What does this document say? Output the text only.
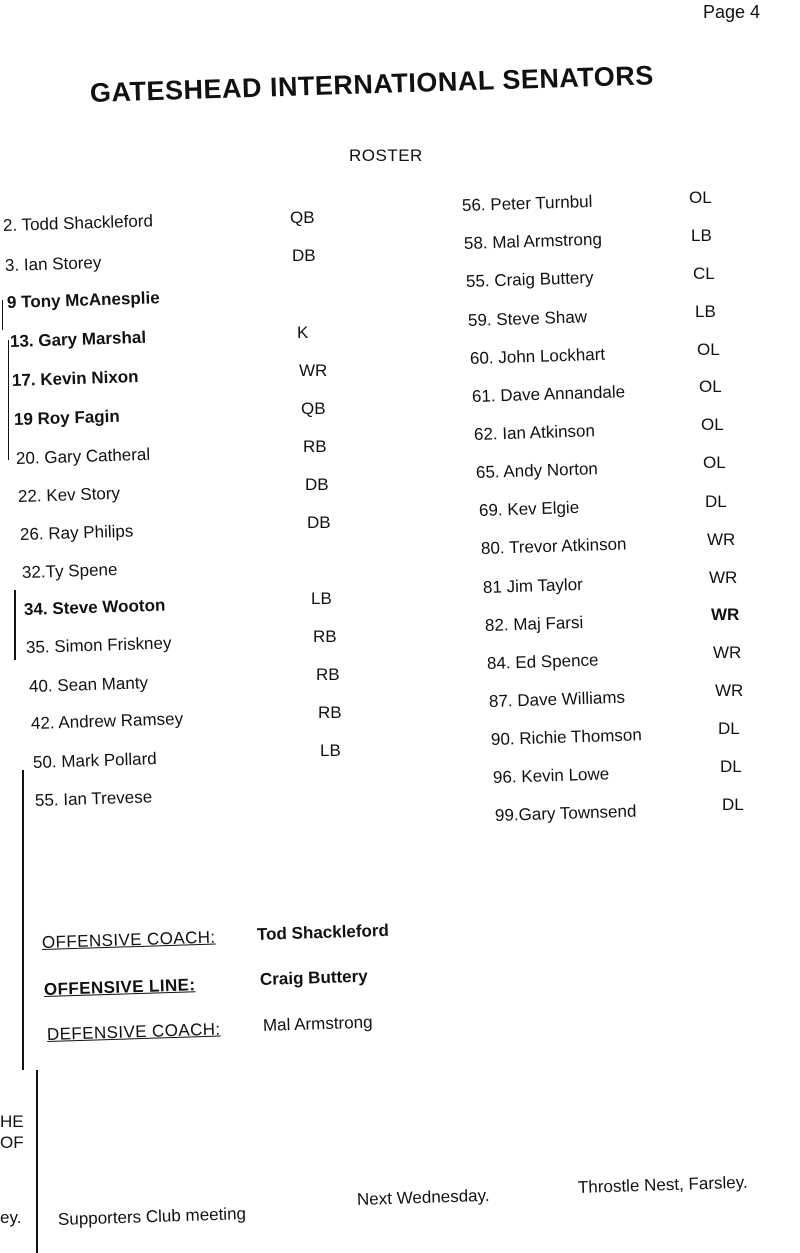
Page 4
GATESHEAD INTERNATIONAL SENATORS
ROSTER
2. Todd Shackleford	QB
3. Ian Storey	DB
9 Tony McAnesplie
13. Gary Marshal	K
17. Kevin Nixon	WR
19 Roy Fagin	QB
20. Gary Catheral	RB
22. Kev Story	DB
26. Ray Philips	DB
32.Ty Spene
34. Steve Wooton	LB
35. Simon Friskney	RB
40. Sean Manty	RB
42. Andrew Ramsey	RB
50. Mark Pollard	LB
55. Ian Trevese
56. Peter Turnbul	OL
58. Mal Armstrong	LB
55. Craig Buttery	CL
59. Steve Shaw	LB
60. John Lockhart	OL
61. Dave Annandale	OL
62. Ian Atkinson	OL
65. Andy Norton	OL
69. Kev Elgie	DL
80. Trevor Atkinson	WR
81 Jim Taylor	WR
82. Maj Farsi	WR
84. Ed Spence	WR
87. Dave Williams	WR
90. Richie Thomson	DL
96. Kevin Lowe	DL
99.Gary Townsend	DL
OFFENSIVE COACH: Tod Shackleford
OFFENSIVE LINE:	Craig Buttery
DEFENSIVE COACH: Mal Armstrong
HE
OF
ey. Supporters Club meeting
Next Wednesday.
Throstle Nest, Farsley.
